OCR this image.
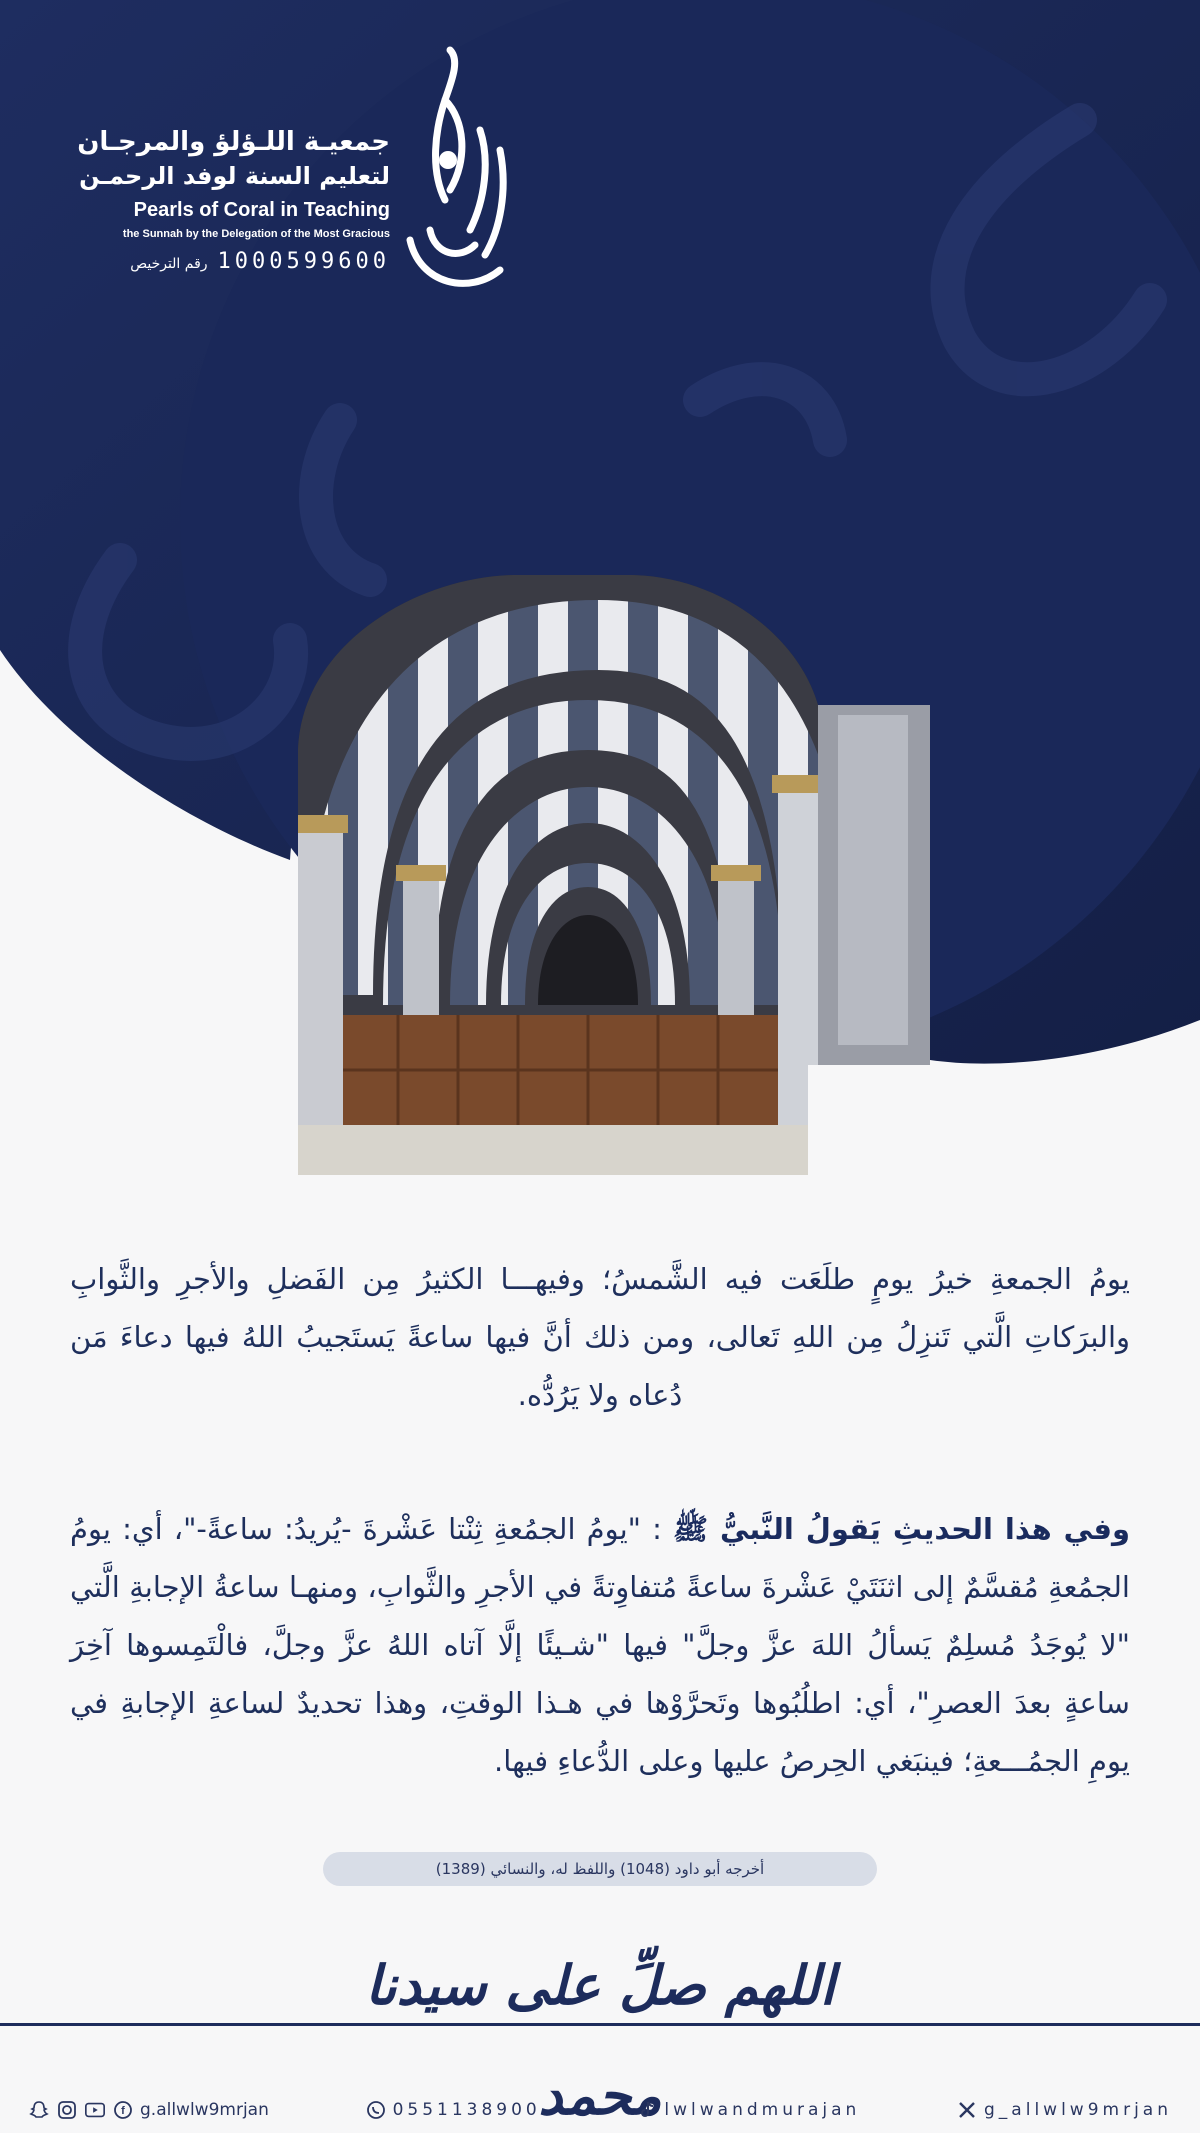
جمعيـة اللـؤلؤ والمرجـان
لتعليم السنة لوفد الرحمـن
Pearls of Coral in Teaching
the Sunnah by the Delegation of the Most Gracious
رقم الترخيص 1000599600
يومُ الجمعةِ خيرُ يومٍ طلَعَت فيه الشَّمسُ؛ وفيهـــا الكثيرُ مِن الفَضلِ والأجرِ والثَّوابِ والبرَكاتِ الَّتي تَنزِلُ مِن اللهِ تَعالى، ومن ذلك أنَّ فيها ساعةً يَستَجيبُ اللهُ فيها دعاءَ مَن دُعاه ولا يَرُدُّه.
وفي هذا الحديثِ يَقولُ النَّبيُّ ﷺ : "يومُ الجمُعةِ ثِنْتا عَشْرةَ -يُريدُ: ساعةً-"، أي: يومُ الجمُعةِ مُقسَّمٌ إلى اثنَتَيْ عَشْرةَ ساعةً مُتفاوِتةً في الأجرِ والثَّوابِ، ومنهـا ساعةُ الإجابةِ الَّتي "لا يُوجَدُ مُسلِمٌ يَسألُ اللهَ عزَّ وجلَّ" فيها "شـيئًا إلَّا آتاه اللهُ عزَّ وجلَّ، فالْتَمِسوها آخِرَ ساعةٍ بعدَ العصرِ"، أي: اطلُبُوها وتَحرَّوْها في هـذا الوقتِ، وهذا تحديدٌ لساعةِ الإجابةِ في يومِ الجمُـــعةِ؛ فينبَغي الحِرصُ عليها وعلى الدُّعاءِ فيها.
أخرجه أبو داود (1048) واللفظ له، والنسائي (1389)
اللهم صلِّ على سيدنا محمد
f g.allwlw9mrjan	0551138900	lwlwandmurajan	g_allwlw9mrjan
